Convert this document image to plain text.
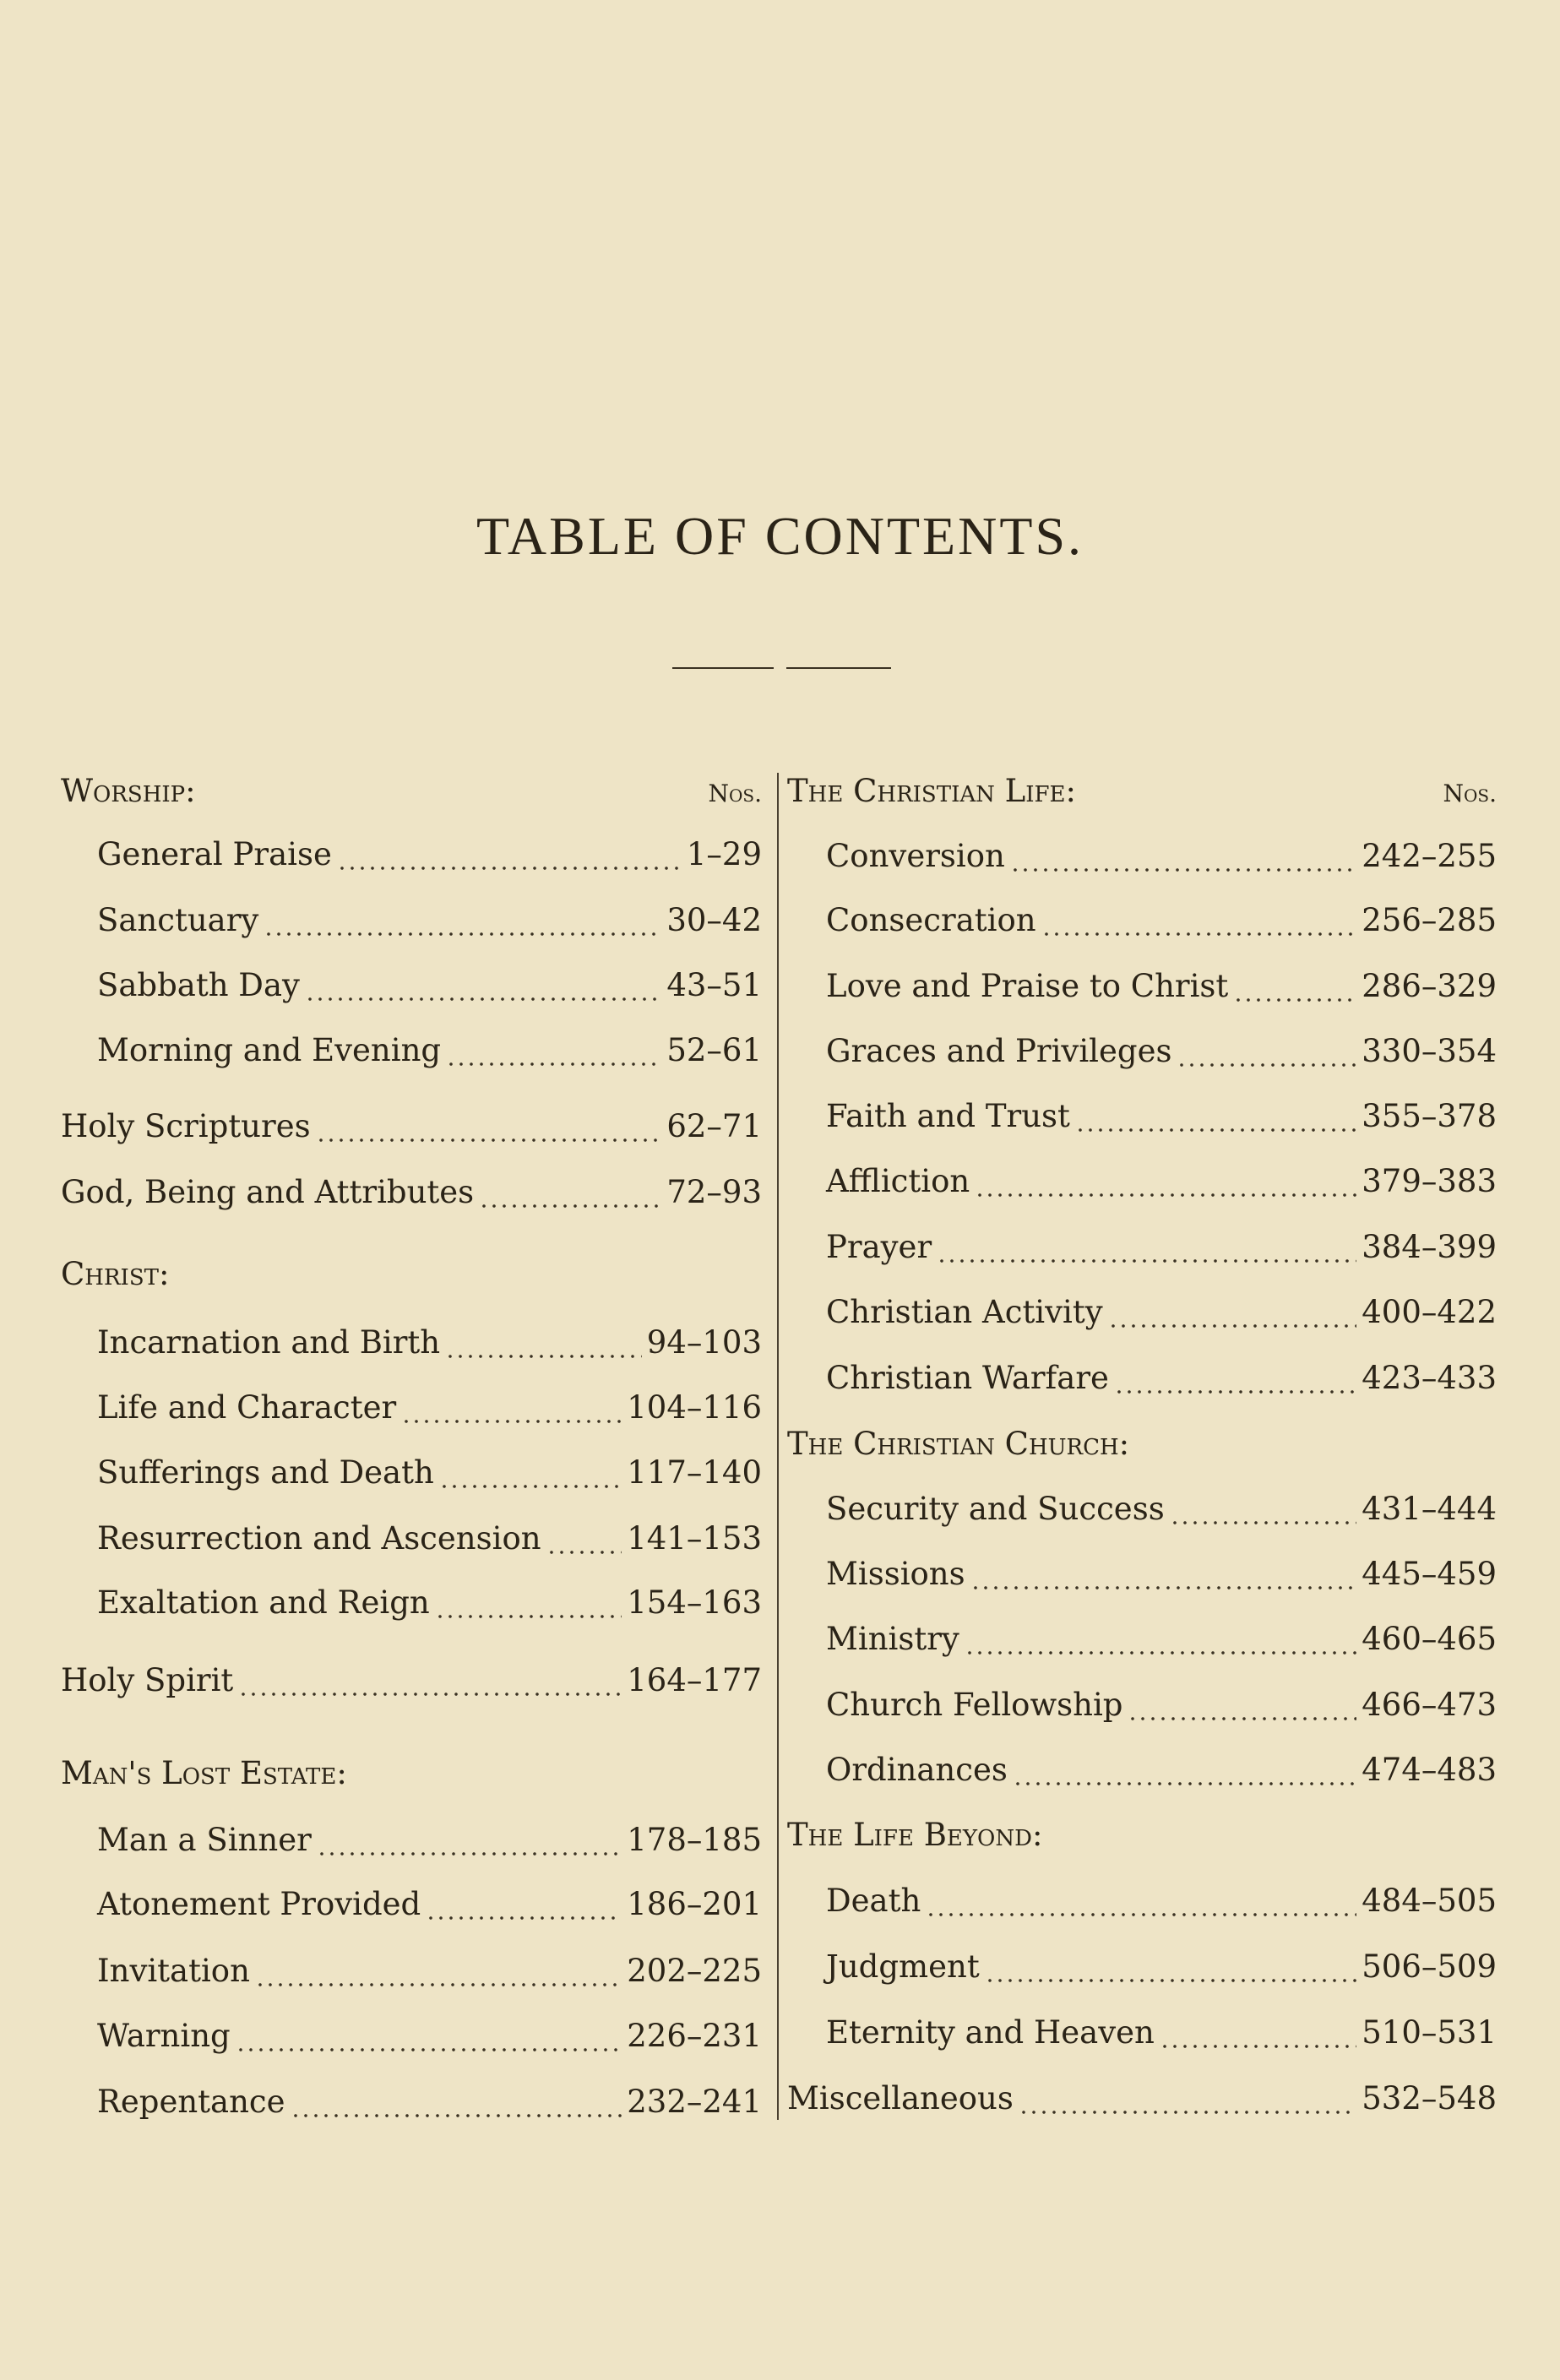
TABLE OF CONTENTS.
Worship:	Nos.
General Praise	1–29
Sanctuary	30–42
Sabbath Day	43–51
Morning and Evening	52–61
Holy Scriptures	62–71
God, Being and Attributes	72–93
Christ:
Incarnation and Birth	94–103
Life and Character	104–116
Sufferings and Death	117–140
Resurrection and Ascension	141–153
Exaltation and Reign	154–163
Holy Spirit	164–177
Man's Lost Estate:
Man a Sinner	178–185
Atonement Provided	186–201
Invitation	202–225
Warning	226–231
Repentance	232–241
The Christian Life:	Nos.
Conversion	242–255
Consecration	256–285
Love and Praise to Christ	286–329
Graces and Privileges	330–354
Faith and Trust	355–378
Affliction	379–383
Prayer	384–399
Christian Activity	400–422
Christian Warfare	423–433
The Christian Church:
Security and Success	431–444
Missions	445–459
Ministry	460–465
Church Fellowship	466–473
Ordinances	474–483
The Life Beyond:
Death	484–505
Judgment	506–509
Eternity and Heaven	510–531
Miscellaneous	532–548
